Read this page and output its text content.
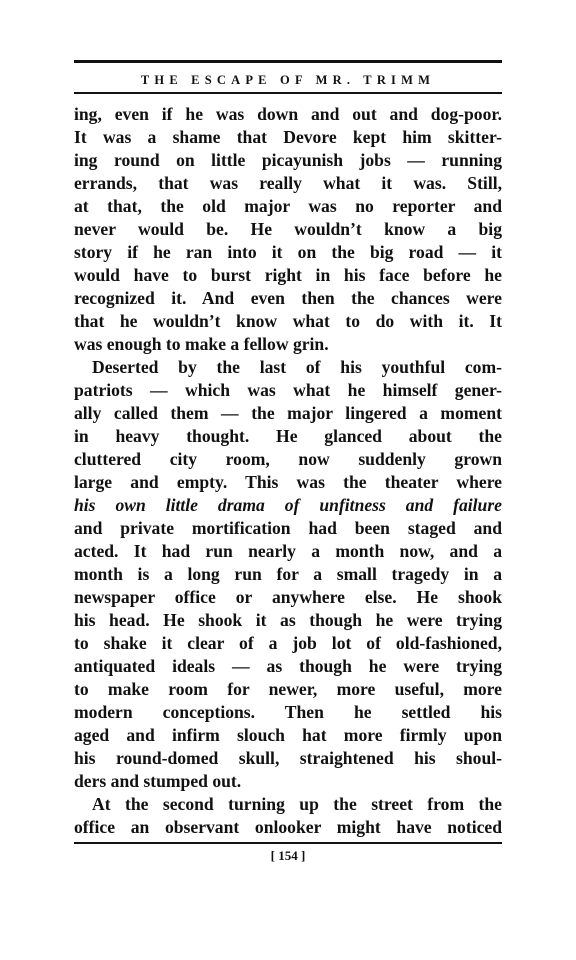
THE ESCAPE OF MR. TRIMM
ing, even if he was down and out and dog-poor.
It was a shame that Devore kept him skitter-
ing round on little picayunish jobs — running
errands, that was really what it was. Still,
at that, the old major was no reporter and
never would be. He wouldn’t know a big
story if he ran into it on the big road — it
would have to burst right in his face before he
recognized it. And even then the chances were
that he wouldn’t know what to do with it. It
was enough to make a fellow grin.
Deserted by the last of his youthful com-
patriots — which was what he himself gener-
ally called them — the major lingered a moment
in heavy thought. He glanced about the
cluttered city room, now suddenly grown
large and empty. This was the theater where
his own little drama of unfitness and failure
and private mortification had been staged and
acted. It had run nearly a month now, and a
month is a long run for a small tragedy in a
newspaper office or anywhere else. He shook
his head. He shook it as though he were trying
to shake it clear of a job lot of old-fashioned,
antiquated ideals — as though he were trying
to make room for newer, more useful, more
modern conceptions. Then he settled his
aged and infirm slouch hat more firmly upon
his round-domed skull, straightened his shoul-
ders and stumped out.
At the second turning up the street from the
office an observant onlooker might have noticed
[ 154 ]
